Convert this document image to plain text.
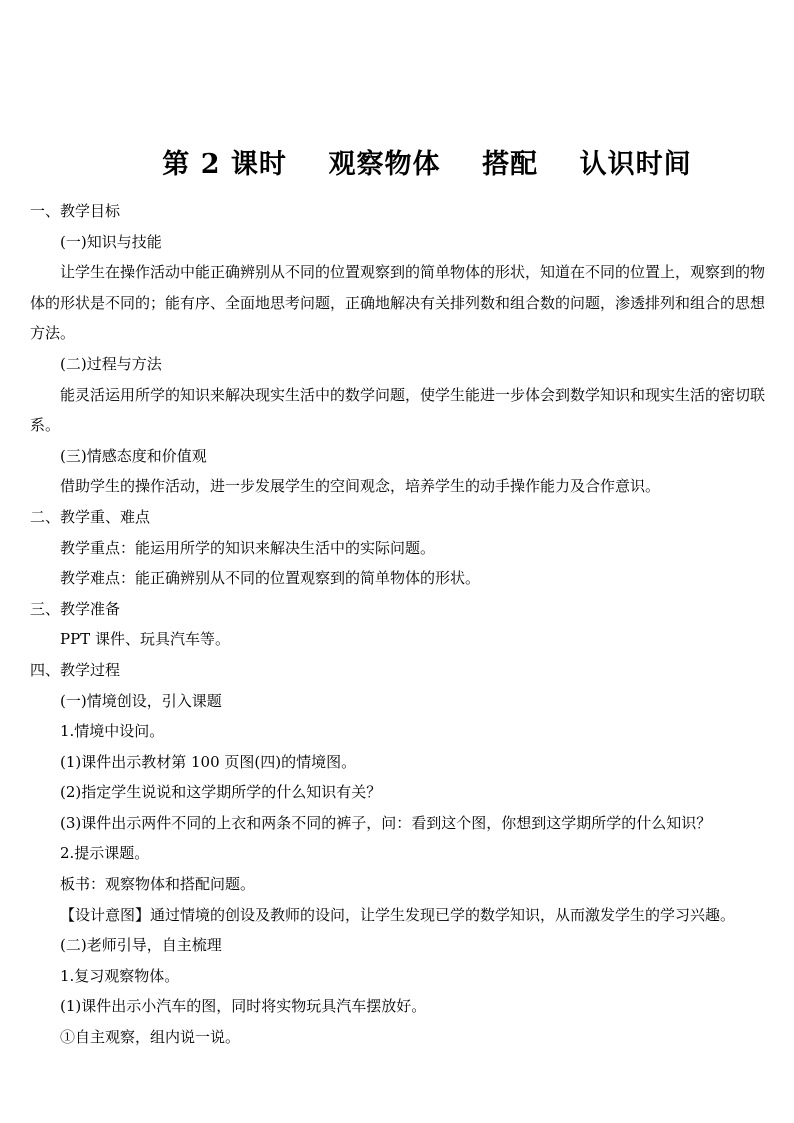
第 2 课时    观察物体    搭配    认识时间

一、教学目标

(一)知识与技能

让学生在操作活动中能正确辨别从不同的位置观察到的简单物体的形状，知道在不同的位置上，观察到的物体的形状是不同的；能有序、全面地思考问题，正确地解决有关排列数和组合数的问题，渗透排列和组合的思想方法。

(二)过程与方法

能灵活运用所学的知识来解决现实生活中的数学问题，使学生能进一步体会到数学知识和现实生活的密切联系。

(三)情感态度和价值观

借助学生的操作活动，进一步发展学生的空间观念，培养学生的动手操作能力及合作意识。

二、教学重、难点

教学重点：能运用所学的知识来解决生活中的实际问题。

教学难点：能正确辨别从不同的位置观察到的简单物体的形状。

三、教学准备

PPT 课件、玩具汽车等。

四、教学过程

(一)情境创设，引入课题

1.情境中设问。

(1)课件出示教材第 100 页图(四)的情境图。

(2)指定学生说说和这学期所学的什么知识有关？

(3)课件出示两件不同的上衣和两条不同的裤子，问：看到这个图，你想到这学期所学的什么知识？

2.提示课题。

板书：观察物体和搭配问题。

【设计意图】通过情境的创设及教师的设问，让学生发现已学的数学知识，从而激发学生的学习兴趣。

(二)老师引导，自主梳理

1.复习观察物体。

(1)课件出示小汽车的图，同时将实物玩具汽车摆放好。

①自主观察，组内说一说。
